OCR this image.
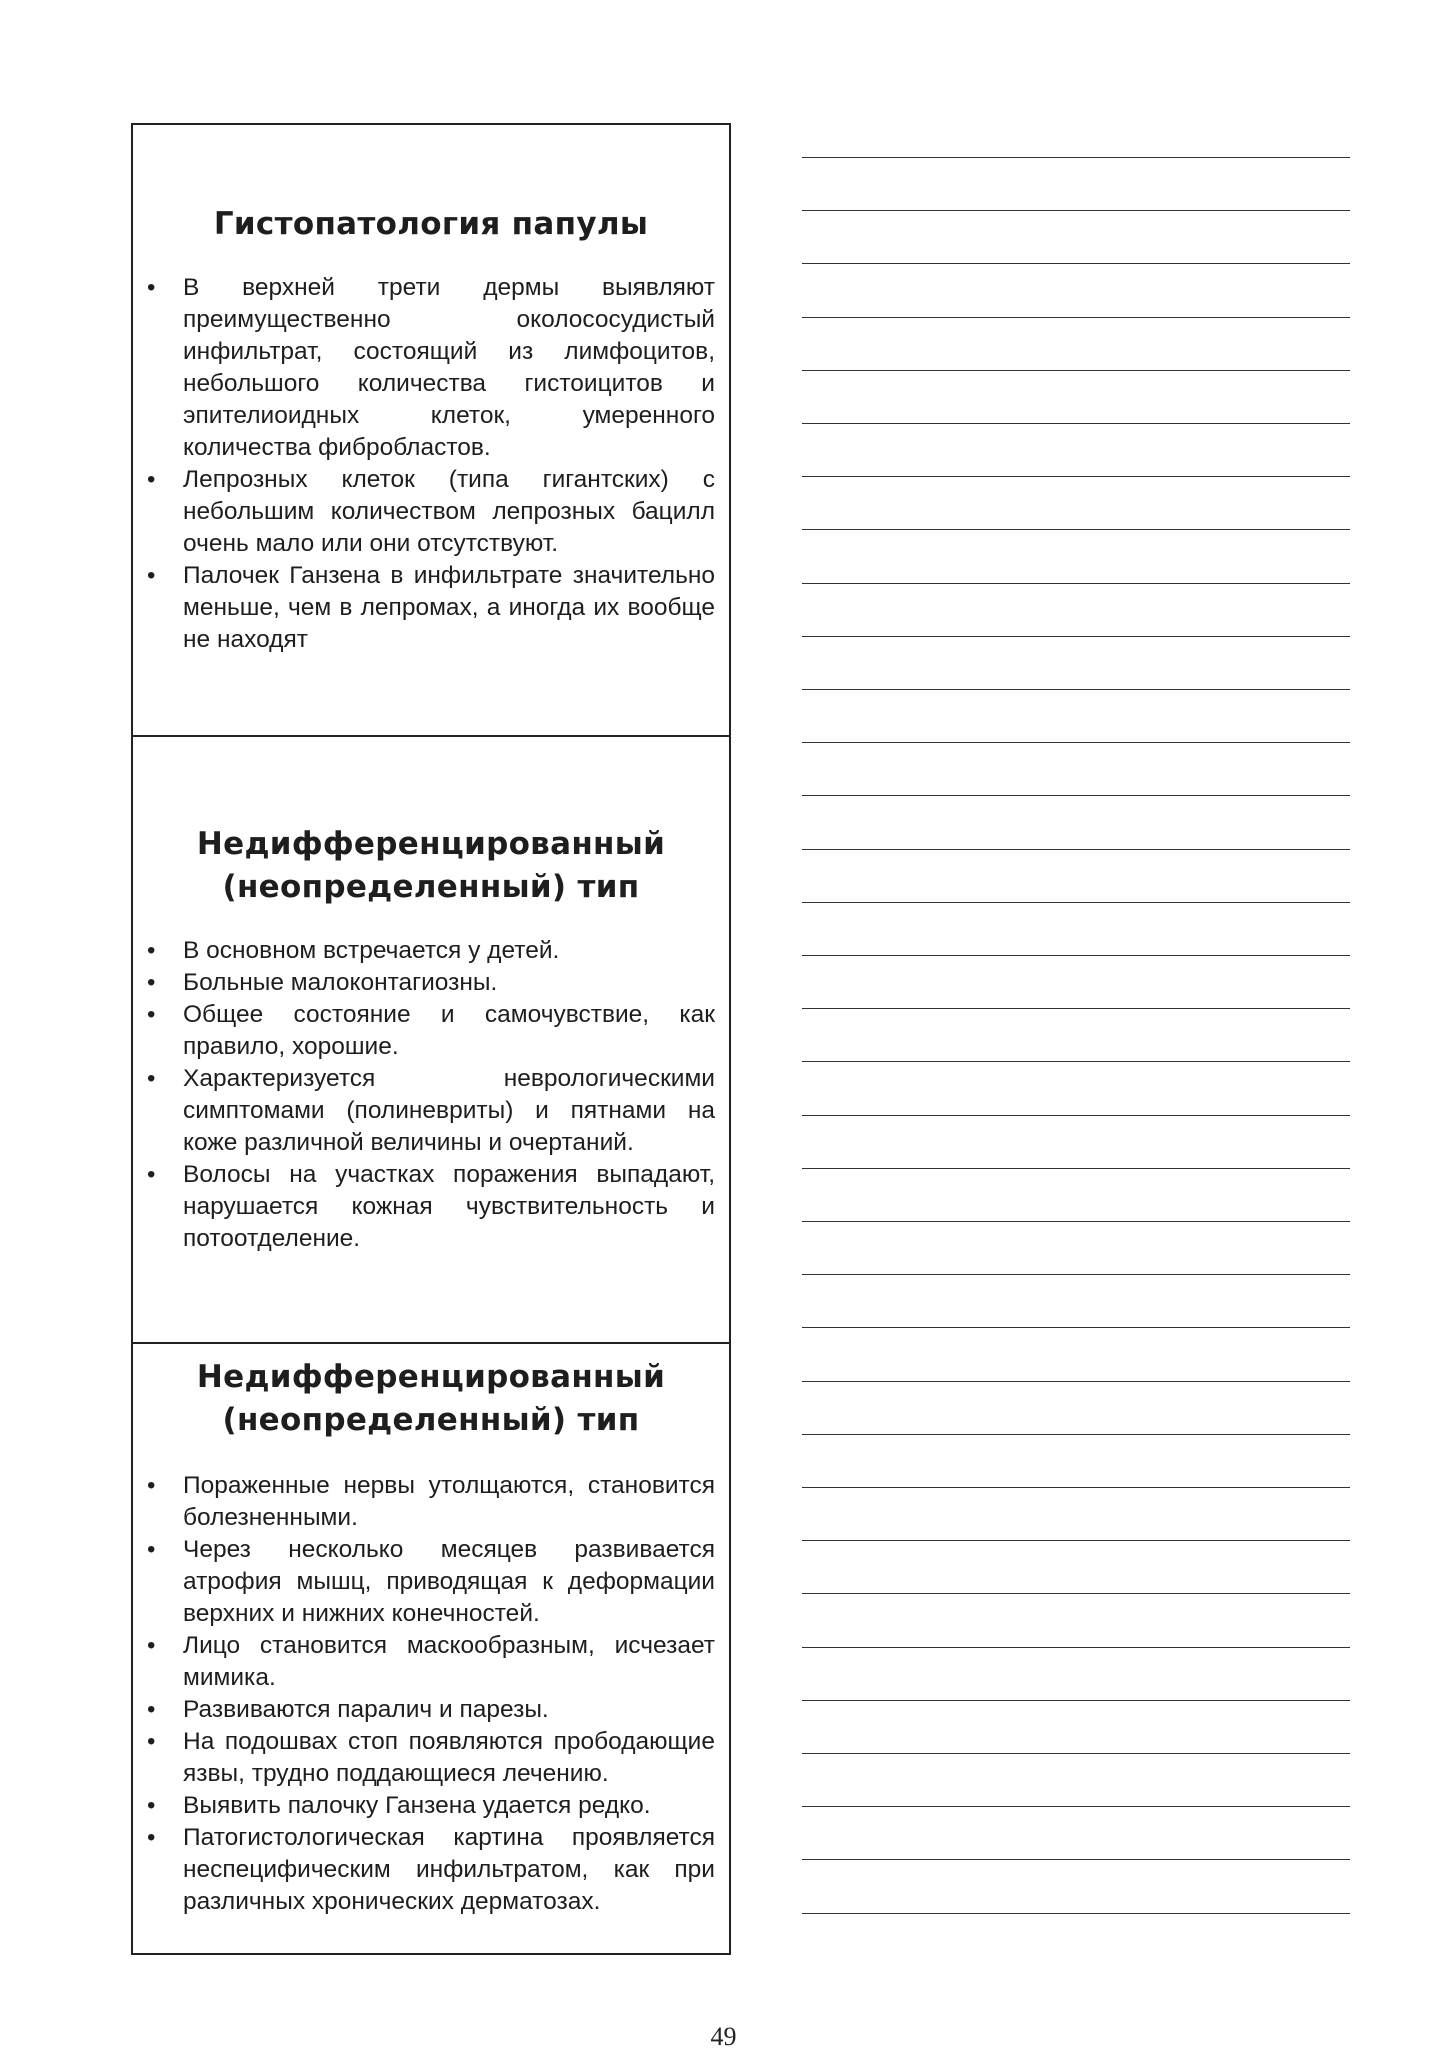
Гистопатология папулы
• В верхней трети дермы выявляют преимущественно околососудистый инфильтрат, состоящий из лимфоцитов, небольшого количества гистоицитов и эпителиоидных клеток, умеренного количества фибробластов.
• Лепрозных клеток (типа гигантских) с небольшим количеством лепрозных бацилл очень мало или они отсутствуют.
• Палочек Ганзена в инфильтрате значительно меньше, чем в лепромах, а иногда их вообще не находят
Недифференцированный (неопределенный) тип
• В основном встречается у детей.
• Больные малоконтагиозны.
• Общее состояние и самочувствие, как правило, хорошие.
• Характеризуется неврологическими симптомами (полиневриты) и пятнами на коже различной величины и очертаний.
• Волосы на участках поражения выпадают, нарушается кожная чувствительность и потоотделение.
Недифференцированный (неопределенный) тип
• Пораженные нервы утолщаются, становится болезненными.
• Через несколько месяцев развивается атрофия мышц, приводящая к деформации верхних и нижних конечностей.
• Лицо становится маскообразным, исчезает мимика.
• Развиваются паралич и парезы.
• На подошвах стоп появляются прободающие язвы, трудно поддающиеся лечению.
• Выявить палочку Ганзена удается редко.
• Патогистологическая картина проявляется неспецифическим инфильтратом, как при различных хронических дерматозах.
49
